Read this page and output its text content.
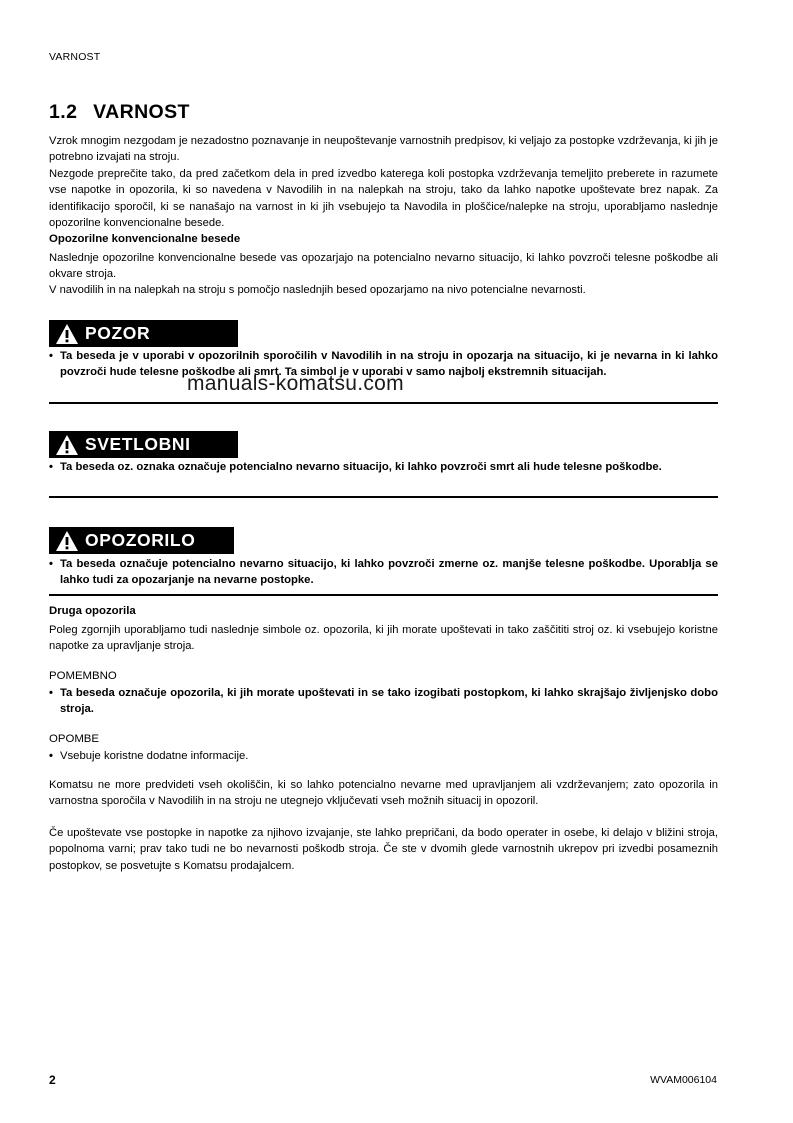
VARNOST
1.2 VARNOST

Vzrok mnogim nezgodam je nezadostno poznavanje in neupoštevanje varnostnih predpisov, ki veljajo za postopke vzdrževanja, ki jih je potrebno izvajati na stroju.

Nezgode preprečite tako, da pred začetkom dela in pred izvedbo katerega koli postopka vzdrževanja temeljito preberete in razumete vse napotke in opozorila, ki so navedena v Navodilih in na nalepkah na stroju, tako da lahko napotke upoštevate brez napak. Za identifikacijo sporočil, ki se nanašajo na varnost in ki jih vsebujejo ta Navodila in ploščice/nalepke na stroju, uporabljamo naslednje opozorilne konvencionalne besede.

Opozorilne konvencionalne besede

Naslednje opozorilne konvencionalne besede vas opozarjajo na potencialno nevarno situacijo, ki lahko povzroči telesne poškodbe ali okvare stroja.

V navodilih in na nalepkah na stroju s pomočjo naslednjih besed opozarjamo na nivo potencialne nevarnosti.

POZOR

• Ta beseda je v uporabi v opozorilnih sporočilih v Navodilih in na stroju in opozarja na situacijo, ki je nevarna in ki lahko povzroči hude telesne poškodbe ali smrt. Ta simbol je v uporabi v samo najbolj ekstremnih situacijah.

manuals-komatsu.com
SVETLOBNI

• Ta beseda oz. oznaka označuje potencialno nevarno situacijo, ki lahko povzroči smrt ali hude telesne poškodbe.

OPOZORILO

• Ta beseda označuje potencialno nevarno situacijo, ki lahko povzroči zmerne oz. manjše telesne poškodbe. Uporablja se lahko tudi za opozarjanje na nevarne postopke.

Druga opozorila

Poleg zgornjih uporabljamo tudi naslednje simbole oz. opozorila, ki jih morate upoštevati in tako zaščititi stroj oz. ki vsebujejo koristne napotke za upravljanje stroja.

POMEMBNO

• Ta beseda označuje opozorila, ki jih morate upoštevati in se tako izogibati postopkom, ki lahko skrajšajo življenjsko dobo stroja.

OPOMBE

• Vsebuje koristne dodatne informacije.

Komatsu ne more predvideti vseh okoliščin, ki so lahko potencialno nevarne med upravljanjem ali vzdrževanjem; zato opozorila in varnostna sporočila v Navodilih in na stroju ne utegnejo vključevati vseh možnih situacij in opozoril.

Če upoštevate vse postopke in napotke za njihovo izvajanje, ste lahko prepričani, da bodo operater in osebe, ki delajo v bližini stroja, popolnoma varni; prav tako tudi ne bo nevarnosti poškodb stroja. Če ste v dvomih glede varnostnih ukrepov pri izvedbi posameznih postopkov, se posvetujte s Komatsu prodajalcem.

2	WVAM006104
